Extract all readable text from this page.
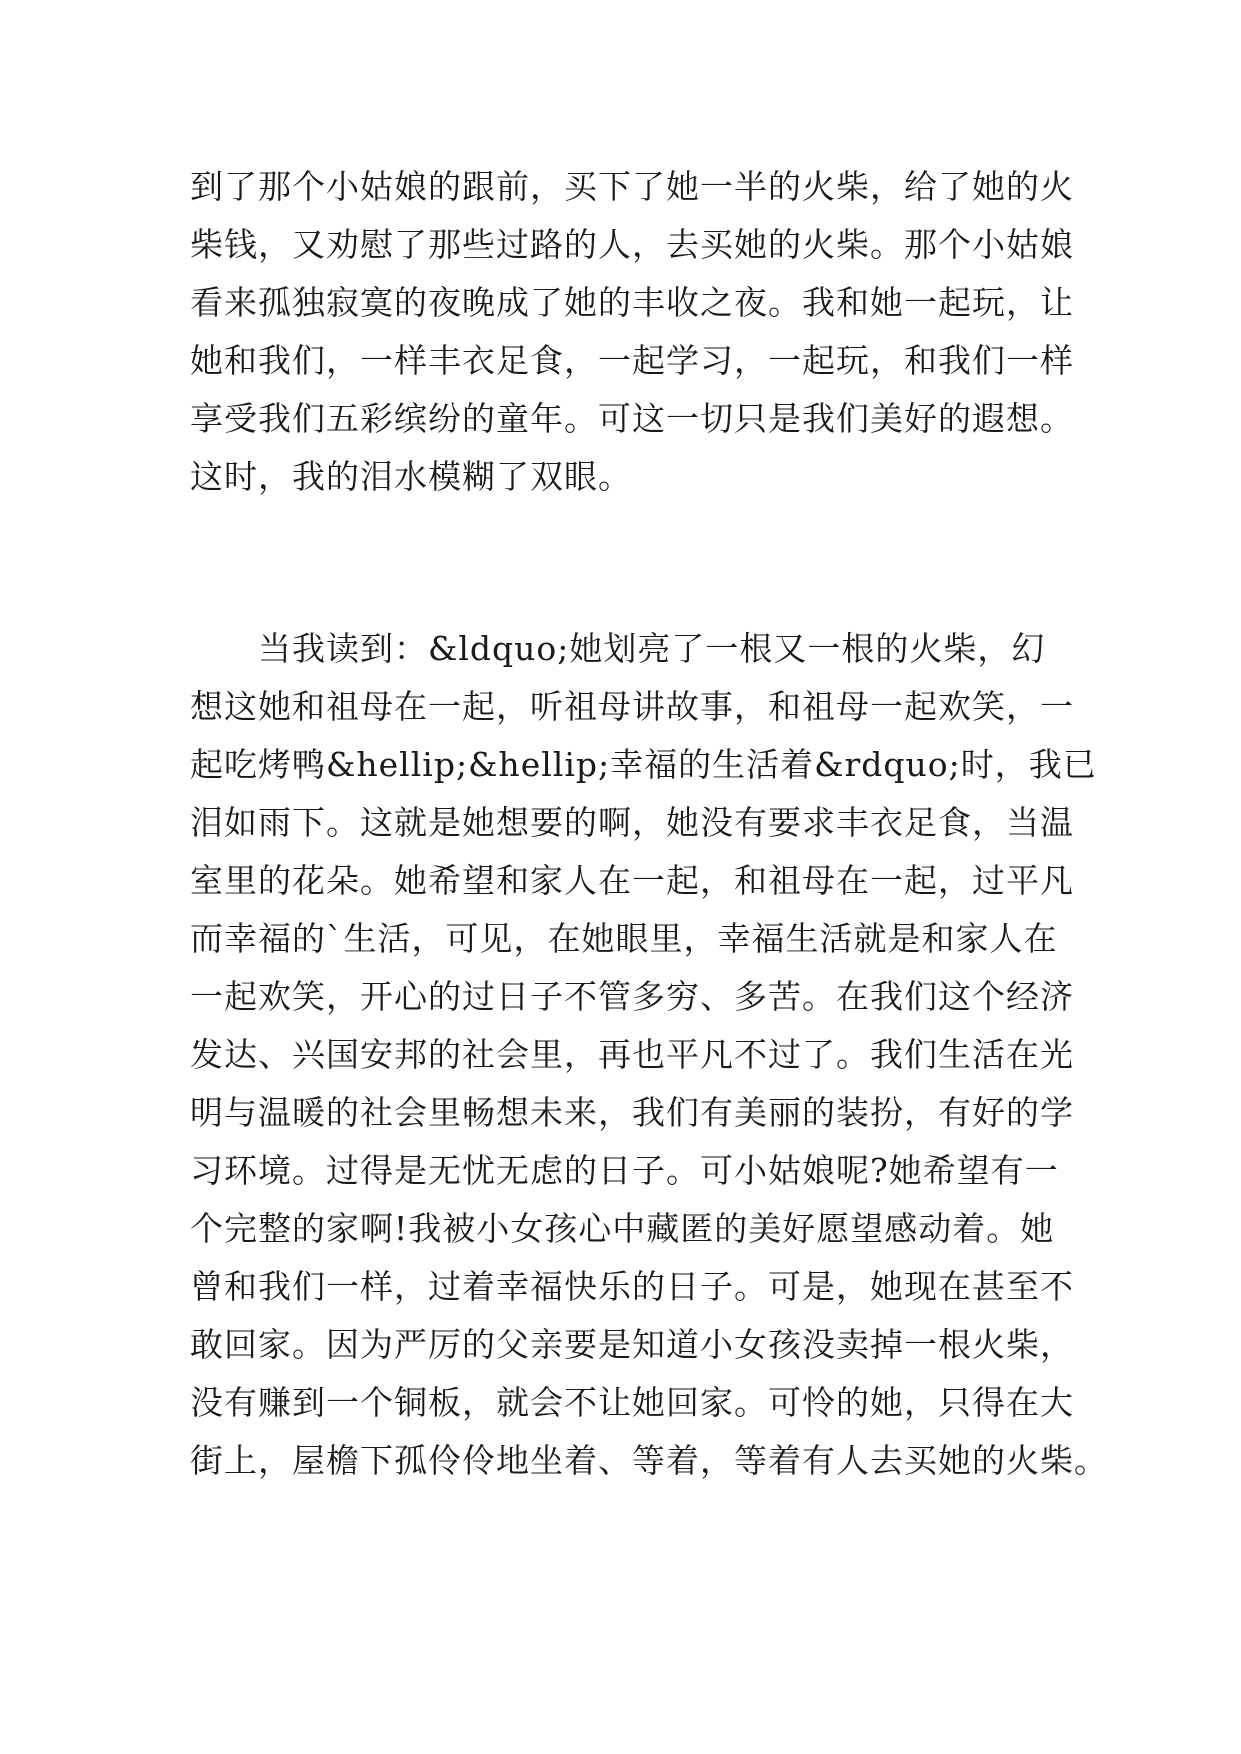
到了那个小姑娘的跟前，买下了她一半的火柴，给了她的火
柴钱，又劝慰了那些过路的人，去买她的火柴。那个小姑娘
看来孤独寂寞的夜晚成了她的丰收之夜。我和她一起玩，让
她和我们，一样丰衣足食，一起学习，一起玩，和我们一样
享受我们五彩缤纷的童年。可这一切只是我们美好的遐想。
这时，我的泪水模糊了双眼。
　　当我读到：&ldquo;她划亮了一根又一根的火柴，幻
想这她和祖母在一起，听祖母讲故事，和祖母一起欢笑，一
起吃烤鸭&hellip;&hellip;幸福的生活着&rdquo;时，我已
泪如雨下。这就是她想要的啊，她没有要求丰衣足食，当温
室里的花朵。她希望和家人在一起，和祖母在一起，过平凡
而幸福的`生活，可见，在她眼里，幸福生活就是和家人在
一起欢笑，开心的过日子不管多穷、多苦。在我们这个经济
发达、兴国安邦的社会里，再也平凡不过了。我们生活在光
明与温暖的社会里畅想未来，我们有美丽的装扮，有好的学
习环境。过得是无忧无虑的日子。可小姑娘呢?她希望有一
个完整的家啊!我被小女孩心中藏匿的美好愿望感动着。她
曾和我们一样，过着幸福快乐的日子。可是，她现在甚至不
敢回家。因为严厉的父亲要是知道小女孩没卖掉一根火柴，
没有赚到一个铜板，就会不让她回家。可怜的她，只得在大
街上，屋檐下孤伶伶地坐着、等着，等着有人去买她的火柴。
